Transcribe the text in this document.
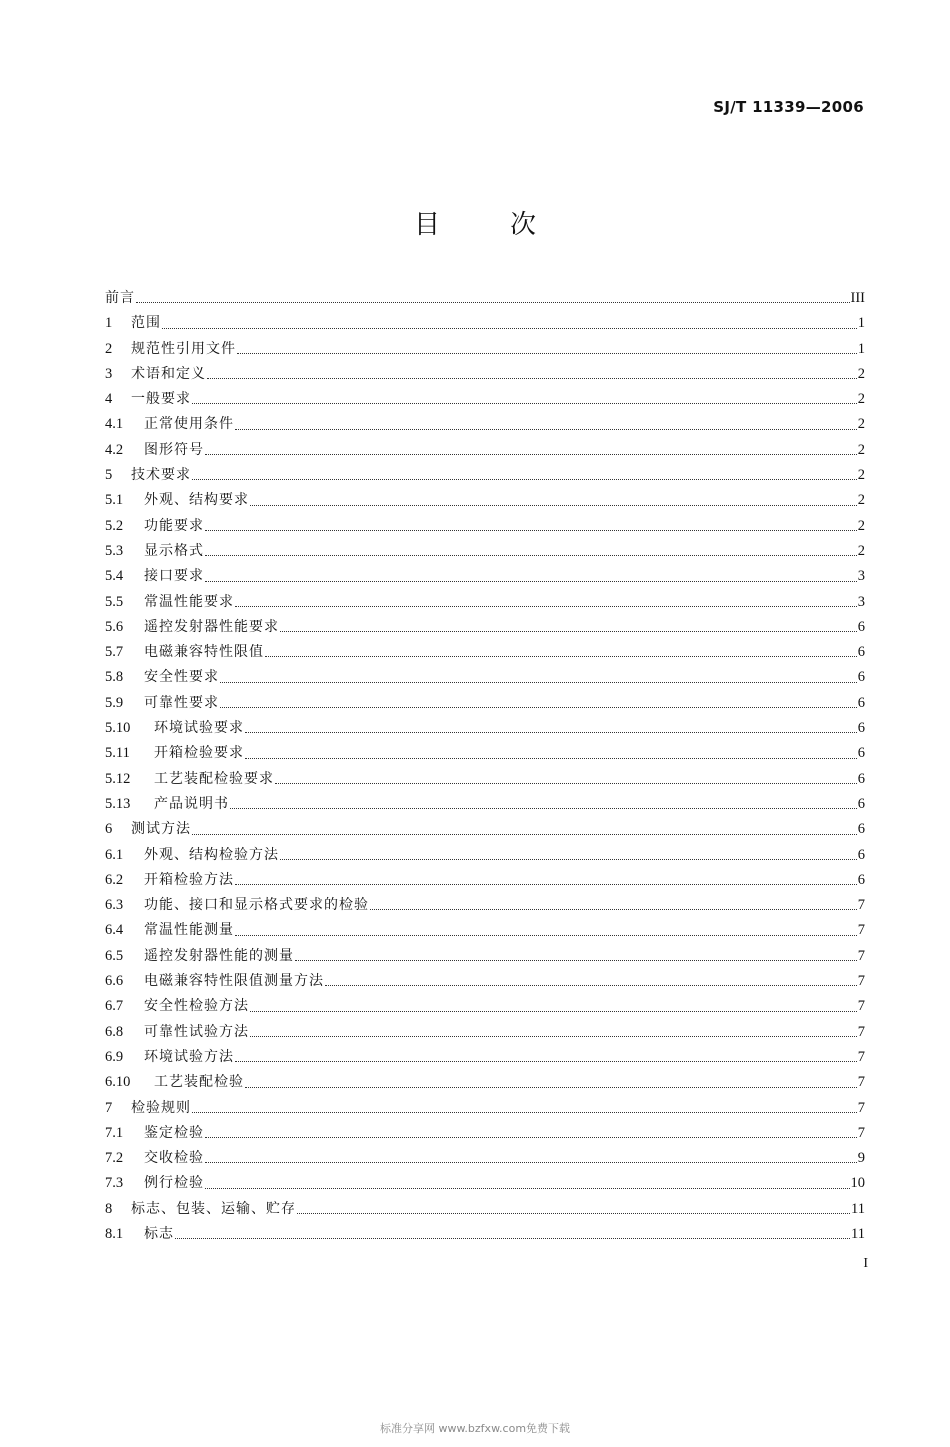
SJ/T 11339—2006
目次
前言	III
1	范围	1
2	规范性引用文件	1
3	术语和定义	2
4	一般要求	2
4.1	正常使用条件	2
4.2	图形符号	2
5	技术要求	2
5.1	外观、结构要求	2
5.2	功能要求	2
5.3	显示格式	2
5.4	接口要求	3
5.5	常温性能要求	3
5.6	遥控发射器性能要求	6
5.7	电磁兼容特性限值	6
5.8	安全性要求	6
5.9	可靠性要求	6
5.10	环境试验要求	6
5.11	开箱检验要求	6
5.12	工艺装配检验要求	6
5.13	产品说明书	6
6	测试方法	6
6.1	外观、结构检验方法	6
6.2	开箱检验方法	6
6.3	功能、接口和显示格式要求的检验	7
6.4	常温性能测量	7
6.5	遥控发射器性能的测量	7
6.6	电磁兼容特性限值测量方法	7
6.7	安全性检验方法	7
6.8	可靠性试验方法	7
6.9	环境试验方法	7
6.10	工艺装配检验	7
7	检验规则	7
7.1	鉴定检验	7
7.2	交收检验	9
7.3	例行检验	10
8	标志、包装、运输、贮存	11
8.1	标志	11
I
标准分享网 www.bzfxw.com免费下载
